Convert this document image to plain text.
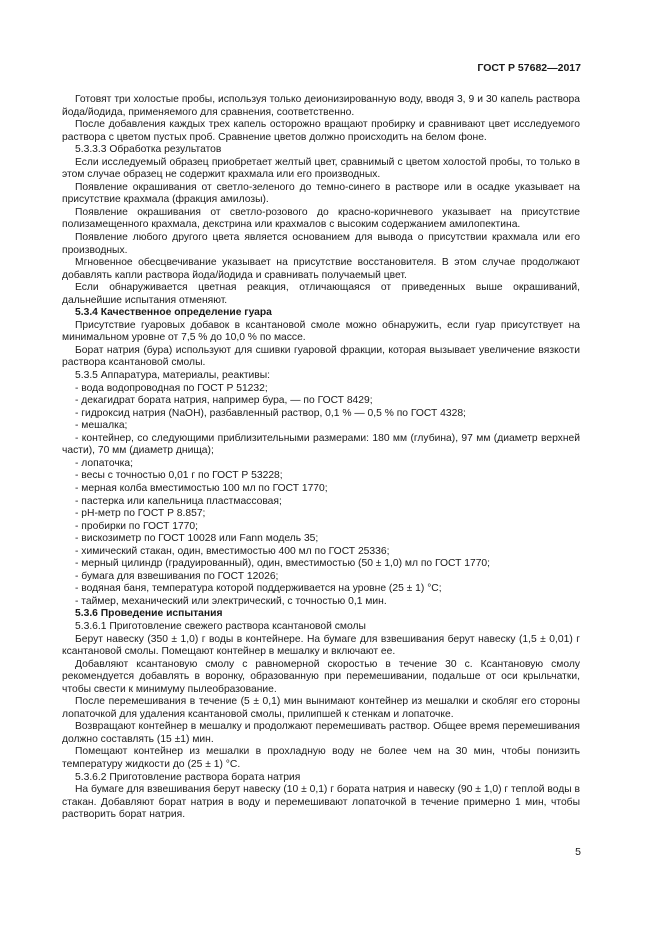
ГОСТ Р 57682—2017

Готовят три холостые пробы, используя только деионизированную воду, вводя 3, 9 и 30 капель раствора йода/йодида, применяемого для сравнения, соответственно.

После добавления каждых трех капель осторожно вращают пробирку и сравнивают цвет исследуемого раствора с цветом пустых проб. Сравнение цветов должно происходить на белом фоне.

5.3.3.3 Обработка результатов

Если исследуемый образец приобретает желтый цвет, сравнимый с цветом холостой пробы, то только в этом случае образец не содержит крахмала или его производных.

Появление окрашивания от светло-зеленого до темно-синего в растворе или в осадке указывает на присутствие крахмала (фракция амилозы).

Появление окрашивания от светло-розового до красно-коричневого указывает на присутствие полизамещенного крахмала, декстрина или крахмалов с высоким содержанием амилопектина.

Появление любого другого цвета является основанием для вывода о присутствии крахмала или его производных.

Мгновенное обесцвечивание указывает на присутствие восстановителя. В этом случае продолжают добавлять капли раствора йода/йодида и сравнивать получаемый цвет.

Если обнаруживается цветная реакция, отличающаяся от приведенных выше окрашиваний, дальнейшие испытания отменяют.

5.3.4 Качественное определение гуара

Присутствие гуаровых добавок в ксантановой смоле можно обнаружить, если гуар присутствует на минимальном уровне от 7,5 % до 10,0 % по массе.

Борат натрия (бура) используют для сшивки гуаровой фракции, которая вызывает увеличение вязкости раствора ксантановой смолы.

5.3.5 Аппаратура, материалы, реактивы:

- вода водопроводная по ГОСТ Р 51232;

- декагидрат бората натрия, например бура, — по ГОСТ 8429;

- гидроксид натрия (NaOH), разбавленный раствор, 0,1 % — 0,5 % по ГОСТ 4328;

- мешалка;

- контейнер, со следующими приблизительными размерами: 180 мм (глубина), 97 мм (диаметр верхней части), 70 мм (диаметр днища);

- лопаточка;

- весы с точностью 0,01 г по ГОСТ Р 53228;

- мерная колба вместимостью 100 мл по ГОСТ 1770;

- пастерка или капельница пластмассовая;

- pH-метр по ГОСТ Р 8.857;

- пробирки по ГОСТ 1770;

- вискозиметр по ГОСТ 10028 или Fann модель 35;

- химический стакан, один, вместимостью 400 мл по ГОСТ 25336;

- мерный цилиндр (градуированный), один, вместимостью (50 ± 1,0) мл по ГОСТ 1770;

- бумага для взвешивания по ГОСТ 12026;

- водяная баня, температура которой поддерживается на уровне (25 ± 1) °С;

- таймер, механический или электрический, с точностью 0,1 мин.

5.3.6 Проведение испытания

5.3.6.1 Приготовление свежего раствора ксантановой смолы

Берут навеску (350 ± 1,0) г воды в контейнере. На бумаге для взвешивания берут навеску (1,5 ± 0,01) г ксантановой смолы. Помещают контейнер в мешалку и включают ее.

Добавляют ксантановую смолу с равномерной скоростью в течение 30 с. Ксантановую смолу рекомендуется добавлять в воронку, образованную при перемешивании, подальше от оси крыльчатки, чтобы свести к минимуму пылеобразование.

После перемешивания в течение (5 ± 0,1) мин вынимают контейнер из мешалки и скобляг его стороны лопаточкой для удаления ксантановой смолы, прилипшей к стенкам и лопаточке.

Возвращают контейнер в мешалку и продолжают перемешивать раствор. Общее время перемешивания должно составлять (15 ±1) мин.

Помещают контейнер из мешалки в прохладную воду не более чем на 30 мин, чтобы понизить температуру жидкости до (25 ± 1) °С.

5.3.6.2 Приготовление раствора бората натрия

На бумаге для взвешивания берут навеску (10 ± 0,1) г бората натрия и навеску (90 ± 1,0) г теплой воды в стакан. Добавляют борат натрия в воду и перемешивают лопаточкой в течение примерно 1 мин, чтобы растворить борат натрия.

5
